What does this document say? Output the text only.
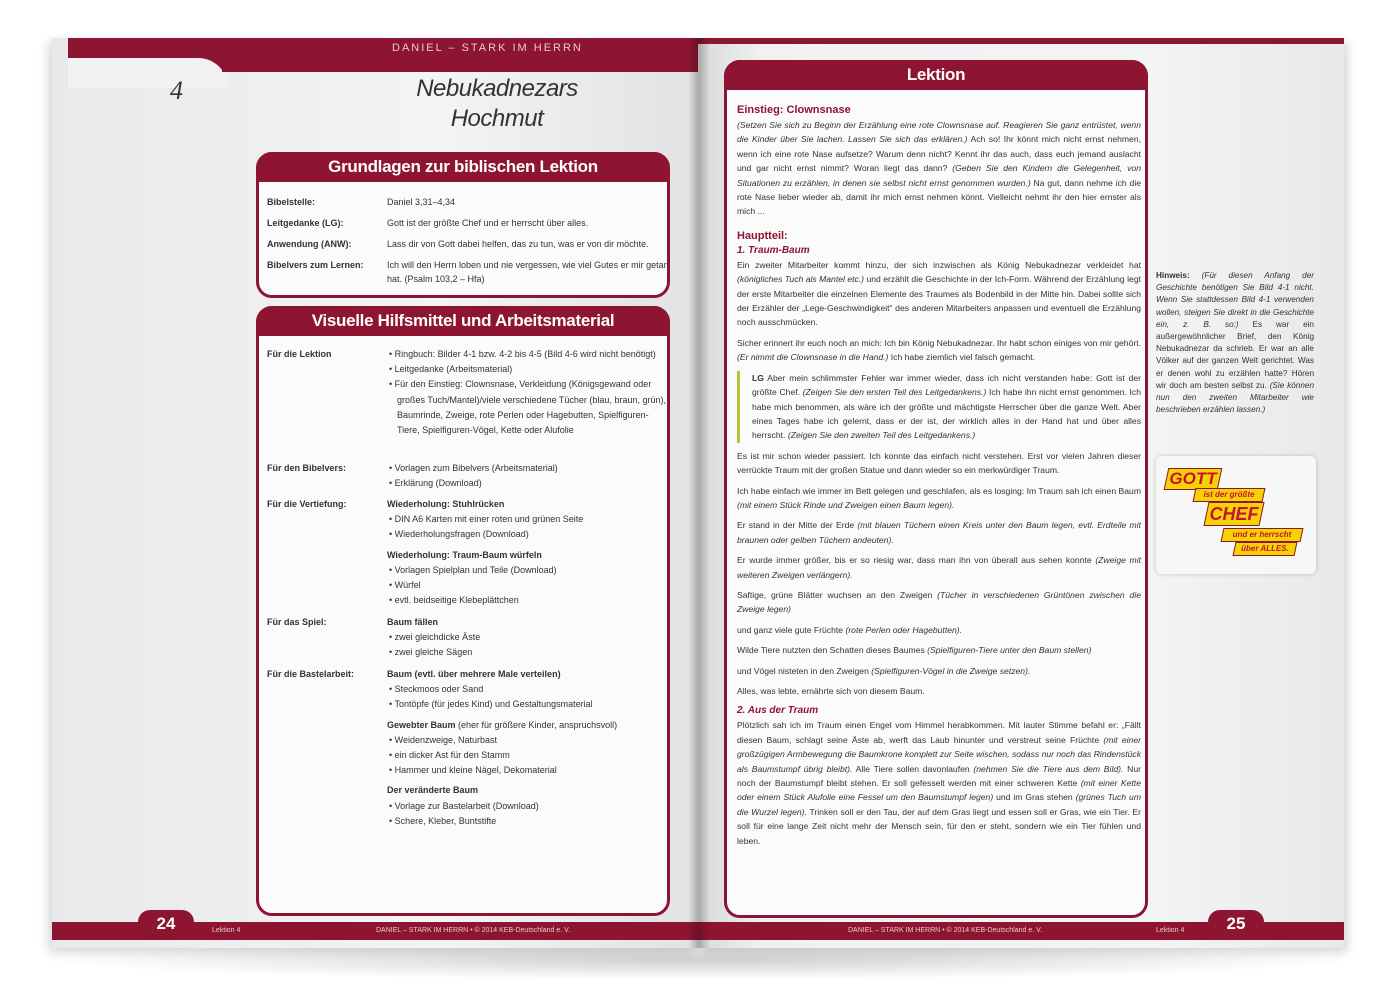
DANIEL – STARK IM HERRN
4	Nebukadnezars
Hochmut
Grundlagen zur biblischen Lektion
Bibelstelle:	Daniel 3,31–4,34
Leitgedanke (LG):	Gott ist der größte Chef und er herrscht über alles.
Anwendung (ANW):	Lass dir von Gott dabei helfen, das zu tun, was er von dir möchte.
Bibelvers zum Lernen:	Ich will den Herrn loben und nie vergessen, wie viel Gutes er mir getan hat. (Psalm 103,2 – Hfa)
Visuelle Hilfsmittel und Arbeitsmaterial
Für die Lektion	• Ringbuch: Bilder 4-1 bzw. 4-2 bis 4-5 (Bild 4-6 wird nicht benötigt)
• Leitgedanke (Arbeitsmaterial)
• Für den Einstieg: Clownsnase, Verkleidung (Königsgewand oder großes Tuch/Mantel)/viele verschiedene Tücher (blau, braun, grün), Baumrinde, Zweige, rote Perlen oder Hagebutten, Spielfiguren-Tiere, Spielfiguren-Vögel, Kette oder Alufolie
Für den Bibelvers:	• Vorlagen zum Bibelvers (Arbeitsmaterial)
• Erklärung (Download)
Für die Vertiefung:	Wiederholung: Stuhlrücken
• DIN A6 Karten mit einer roten und grünen Seite
• Wiederholungsfragen (Download)
Wiederholung: Traum-Baum würfeln
• Vorlagen Spielplan und Teile (Download)
• Würfel
• evtl. beidseitige Klebeplättchen
Für das Spiel:	Baum fällen
• zwei gleichdicke Äste
• zwei gleiche Sägen
Für die Bastelarbeit:	Baum (evtl. über mehrere Male verteilen)
• Steckmoos oder Sand
• Tontöpfe (für jedes Kind) und Gestaltungsmaterial
Gewebter Baum (eher für größere Kinder, anspruchsvoll)
• Weidenzweige, Naturbast
• ein dicker Ast für den Stamm
• Hammer und kleine Nägel, Dekomaterial
Der veränderte Baum
• Vorlage zur Bastelarbeit (Download)
• Schere, Kleber, Buntstifte
24	Lektion 4	DANIEL – STARK IM HERRN • © 2014 KEB-Deutschland e. V.
Lektion
Einstieg: Clownsnase

(Setzen Sie sich zu Beginn der Erzählung eine rote Clownsnase auf. Reagieren Sie ganz entrüstet, wenn die Kinder über Sie lachen. Lassen Sie sich das erklären.) Ach so! Ihr könnt mich nicht ernst nehmen, wenn ich eine rote Nase aufsetze? Warum denn nicht? Kennt ihr das auch, dass euch jemand auslacht und gar nicht ernst nimmt? Woran liegt das dann? (Geben Sie den Kindern die Gelegenheit, von Situationen zu erzählen, in denen sie selbst nicht ernst genommen wurden.) Na gut, dann nehme ich die rote Nase lieber wieder ab, damit ihr mich ernst nehmen könnt. Vielleicht nehmt ihr den hier ernster als mich ...

Hauptteil:
1. Traum-Baum

Ein zweiter Mitarbeiter kommt hinzu, der sich inzwischen als König Nebukadnezar verkleidet hat (königliches Tuch als Mantel etc.) und erzählt die Geschichte in der Ich-Form. Während der Erzählung legt der erste Mitarbeiter die einzelnen Elemente des Traumes als Bodenbild in der Mitte hin. Dabei sollte sich der Erzähler der „Lege-Geschwindigkeit“ des anderen Mitarbeiters anpassen und eventuell die Erzählung noch ausschmücken.

Sicher erinnert ihr euch noch an mich: Ich bin König Nebukadnezar. Ihr habt schon einiges von mir gehört. (Er nimmt die Clownsnase in die Hand.) Ich habe ziemlich viel falsch gemacht.

LG Aber mein schlimmster Fehler war immer wieder, dass ich nicht verstanden habe: Gott ist der größte Chef. (Zeigen Sie den ersten Teil des Leitgedankens.) Ich habe ihn nicht ernst genommen. Ich habe mich benommen, als wäre ich der größte und mächtigste Herrscher über die ganze Welt. Aber eines Tages habe ich gelernt, dass er der ist, der wirklich alles in der Hand hat und über alles herrscht. (Zeigen Sie den zweiten Teil des Leitgedankens.)

Es ist mir schon wieder passiert. Ich konnte das einfach nicht verstehen. Erst vor vielen Jahren dieser verrückte Traum mit der großen Statue und dann wieder so ein merkwürdiger Traum.

Ich habe einfach wie immer im Bett gelegen und geschlafen, als es losging: Im Traum sah ich einen Baum (mit einem Stück Rinde und Zweigen einen Baum legen).

Er stand in der Mitte der Erde (mit blauen Tüchern einen Kreis unter den Baum legen, evtl. Erdteile mit braunen oder gelben Tüchern andeuten).

Er wurde immer größer, bis er so riesig war, dass man ihn von überall aus sehen konnte (Zweige mit weiteren Zweigen verlängern).

Saftige, grüne Blätter wuchsen an den Zweigen (Tücher in verschiedenen Grüntönen zwischen die Zweige legen)

und ganz viele gute Früchte (rote Perlen oder Hagebutten).

Wilde Tiere nutzten den Schatten dieses Baumes (Spielfiguren-Tiere unter den Baum stellen)

und Vögel nisteten in den Zweigen (Spielfiguren-Vögel in die Zweige setzen).

Alles, was lebte, ernährte sich von diesem Baum.

2. Aus der Traum

Plötzlich sah ich im Traum einen Engel vom Himmel herabkommen. Mit lauter Stimme befahl er: „Fällt diesen Baum, schlagt seine Äste ab, werft das Laub hinunter und verstreut seine Früchte (mit einer großzügigen Armbewegung die Baumkrone komplett zur Seite wischen, sodass nur noch das Rindenstück als Baumstumpf übrig bleibt). Alle Tiere sollen davonlaufen (nehmen Sie die Tiere aus dem Bild). Nur noch der Baumstumpf bleibt stehen. Er soll gefesselt werden mit einer schweren Kette (mit einer Kette oder einem Stück Alufolie eine Fessel um den Baumstumpf legen) und im Gras stehen (grünes Tuch um die Wurzel legen). Trinken soll er den Tau, der auf dem Gras liegt und essen soll er Gras, wie ein Tier. Er soll für eine lange Zeit nicht mehr der Mensch sein, für den er steht, sondern wie ein Tier fühlen und leben.

Hinweis: (Für diesen Anfang der Geschichte benötigen Sie Bild 4-1 nicht. Wenn Sie stattdessen Bild 4-1 verwenden wollen, steigen Sie direkt in die Geschichte ein, z. B. so:) Es war ein außergewöhnlicher Brief, den König Nebukadnezar da schrieb. Er war an alle Völker auf der ganzen Welt gerichtet. Was er denen wohl zu erzählen hatte? Hören wir doch am besten selbst zu. (Sie können nun den zweiten Mitarbeiter wie beschrieben erzählen lassen.)
GOTT
ist der größte
CHEF
und er herrscht
über ALLES.
25
Lektion 4
DANIEL – STARK IM HERRN • © 2014 KEB-Deutschland e. V.
